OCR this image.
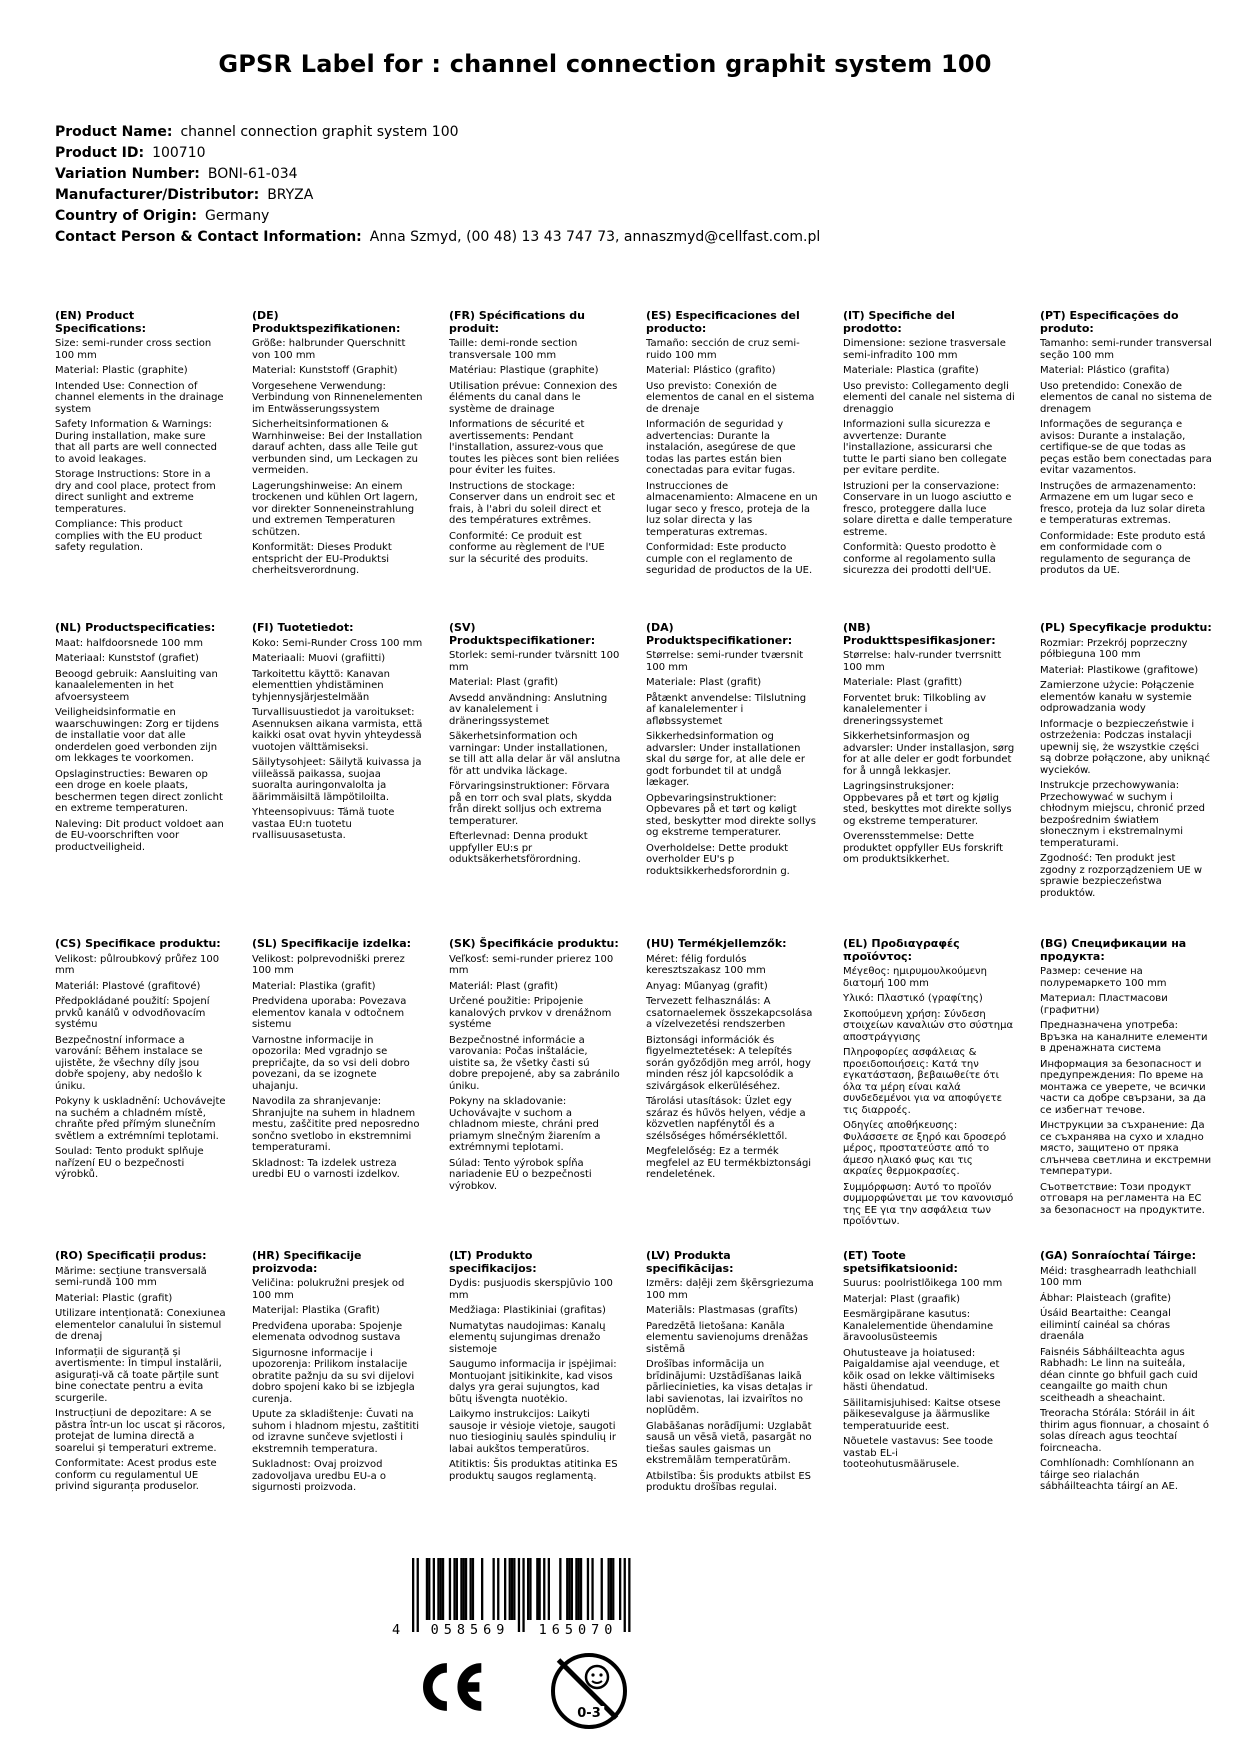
GPSR Label for : channel connection graphit system 100
Product Name: channel connection graphit system 100
Product ID: 100710
Variation Number: BONI-61-034
Manufacturer/Distributor: BRYZA
Country of Origin: Germany
Contact Person & Contact Information: Anna Szmyd, (00 48) 13 43 747 73, annaszmyd@cellfast.com.pl
(EN) Product Specifications:

Size: semi-runder cross section 100 mm

Material: Plastic (graphite)

Intended Use: Connection of channel elements in the drainage system

Safety Information & Warnings: During installation, make sure that all parts are well connected to avoid leakages.

Storage Instructions: Store in a dry and cool place, protect from direct sunlight and extreme temperatures.

Compliance: This product complies with the EU product safety regulation.

(DE) Produktspezifikationen:

Größe: halbrunder Querschnitt von 100 mm

Material: Kunststoff (Graphit)

Vorgesehene Verwendung: Verbindung von Rinnenelementen im Entwässerungssystem

Sicherheitsinformationen & Warnhinweise: Bei der Installation darauf achten, dass alle Teile gut verbunden sind, um Leckagen zu vermeiden.

Lagerungshinweise: An einem trockenen und kühlen Ort lagern, vor direkter Sonneneinstrahlung und extremen Temperaturen schützen.

Konformität: Dieses Produkt entspricht der EU-Produktsi cherheitsverordnung.

(FR) Spécifications du produit:

Taille: demi-ronde section transversale 100 mm

Matériau: Plastique (graphite)

Utilisation prévue: Connexion des éléments du canal dans le système de drainage

Informations de sécurité et avertissements: Pendant l'installation, assurez-vous que toutes les pièces sont bien reliées pour éviter les fuites.

Instructions de stockage: Conserver dans un endroit sec et frais, à l'abri du soleil direct et des températures extrêmes.

Conformité: Ce produit est conforme au règlement de l'UE sur la sécurité des produits.

(ES) Especificaciones del producto:

Tamaño: sección de cruz semi-ruido 100 mm

Material: Plástico (grafito)

Uso previsto: Conexión de elementos de canal en el sistema de drenaje

Información de seguridad y advertencias: Durante la instalación, asegúrese de que todas las partes están bien conectadas para evitar fugas.

Instrucciones de almacenamiento: Almacene en un lugar seco y fresco, proteja de la luz solar directa y las temperaturas extremas.

Conformidad: Este producto cumple con el reglamento de seguridad de productos de la UE.

(IT) Specifiche del prodotto:

Dimensione: sezione trasversale semi-infradito 100 mm

Materiale: Plastica (grafite)

Uso previsto: Collegamento degli elementi del canale nel sistema di drenaggio

Informazioni sulla sicurezza e avvertenze: Durante l'installazione, assicurarsi che tutte le parti siano ben collegate per evitare perdite.

Istruzioni per la conservazione: Conservare in un luogo asciutto e fresco, proteggere dalla luce solare diretta e dalle temperature estreme.

Conformità: Questo prodotto è conforme al regolamento sulla sicurezza dei prodotti dell'UE.

(PT) Especificações do produto:

Tamanho: semi-runder transversal seção 100 mm

Material: Plástico (grafita)

Uso pretendido: Conexão de elementos de canal no sistema de drenagem

Informações de segurança e avisos: Durante a instalação, certifique-se de que todas as peças estão bem conectadas para evitar vazamentos.

Instruções de armazenamento: Armazene em um lugar seco e fresco, proteja da luz solar direta e temperaturas extremas.

Conformidade: Este produto está em conformidade com o regulamento de segurança de produtos da UE.

(NL) Productspecificaties:

Maat: halfdoorsnede 100 mm

Materiaal: Kunststof (grafiet)

Beoogd gebruik: Aansluiting van kanaalelementen in het afvoersysteem

Veiligheidsinformatie en waarschuwingen: Zorg er tijdens de installatie voor dat alle onderdelen goed verbonden zijn om lekkages te voorkomen.

Opslaginstructies: Bewaren op een droge en koele plaats, beschermen tegen direct zonlicht en extreme temperaturen.

Naleving: Dit product voldoet aan de EU-voorschriften voor productveiligheid.

(FI) Tuotetiedot:

Koko: Semi-Runder Cross 100 mm

Materiaali: Muovi (grafiitti)

Tarkoitettu käyttö: Kanavan elementtien yhdistäminen tyhjennysjärjestelmään

Turvallisuustiedot ja varoitukset: Asennuksen aikana varmista, että kaikki osat ovat hyvin yhteydessä vuotojen välttämiseksi.

Säilytysohjeet: Säilytä kuivassa ja viileässä paikassa, suojaa suoralta auringonvalolta ja äärimmäisiltä lämpötiloilta.

Yhteensopivuus: Tämä tuote vastaa EU:n tuotetu rvallisuusasetusta.

(SV) Produktspecifikationer:

Storlek: semi-runder tvärsnitt 100 mm

Material: Plast (grafit)

Avsedd användning: Anslutning av kanalelement i dräneringssystemet

Säkerhetsinformation och varningar: Under installationen, se till att alla delar är väl anslutna för att undvika läckage.

Förvaringsinstruktioner: Förvara på en torr och sval plats, skydda från direkt solljus och extrema temperaturer.

Efterlevnad: Denna produkt uppfyller EU:s pr oduktsäkerhetsförordning.

(DA) Produktspecifikationer:

Størrelse: semi-runder tværsnit 100 mm

Materiale: Plast (grafit)

Påtænkt anvendelse: Tilslutning af kanalelementer i afløbssystemet

Sikkerhedsinformation og advarsler: Under installationen skal du sørge for, at alle dele er godt forbundet til at undgå lækager.

Opbevaringsinstruktioner: Opbevares på et tørt og køligt sted, beskytter mod direkte sollys og ekstreme temperaturer.

Overholdelse: Dette produkt overholder EU's p roduktsikkerhedsforordnin g.

(NB) Produkttspesifikasjoner:

Størrelse: halv-runder tverrsnitt 100 mm

Materiale: Plast (grafitt)

Forventet bruk: Tilkobling av kanalelementer i dreneringssystemet

Sikkerhetsinformasjon og advarsler: Under installasjon, sørg for at alle deler er godt forbundet for å unngå lekkasjer.

Lagringsinstruksjoner: Oppbevares på et tørt og kjølig sted, beskyttes mot direkte sollys og ekstreme temperaturer.

Overensstemmelse: Dette produktet oppfyller EUs forskrift om produktsikkerhet.

(PL) Specyfikacje produktu:

Rozmiar: Przekrój poprzeczny półbieguna 100 mm

Materiał: Plastikowe (grafitowe)

Zamierzone użycie: Połączenie elementów kanału w systemie odprowadzania wody

Informacje o bezpieczeństwie i ostrzeżenia: Podczas instalacji upewnij się, że wszystkie części są dobrze połączone, aby uniknąć wycieków.

Instrukcje przechowywania: Przechowywać w suchym i chłodnym miejscu, chronić przed bezpośrednim światłem słonecznym i ekstremalnymi temperaturami.

Zgodność: Ten produkt jest zgodny z rozporządzeniem UE w sprawie bezpieczeństwa produktów.

(CS) Specifikace produktu:

Velikost: půlroubkový průřez 100 mm

Materiál: Plastové (grafitové)

Předpokládané použití: Spojení prvků kanálů v odvodňovacím systému

Bezpečnostní informace a varování: Během instalace se ujistěte, že všechny díly jsou dobře spojeny, aby nedošlo k úniku.

Pokyny k uskladnění: Uchovávejte na suchém a chladném místě, chraňte před přímým slunečním světlem a extrémními teplotami.

Soulad: Tento produkt splňuje nařízení EU o bezpečnosti výrobků.

(SL) Specifikacije izdelka:

Velikost: polprevodniški prerez 100 mm

Material: Plastika (grafit)

Predvidena uporaba: Povezava elementov kanala v odtočnem sistemu

Varnostne informacije in opozorila: Med vgradnjo se prepričajte, da so vsi deli dobro povezani, da se izognete uhajanju.

Navodila za shranjevanje: Shranjujte na suhem in hladnem mestu, zaščitite pred neposredno sončno svetlobo in ekstremnimi temperaturami.

Skladnost: Ta izdelek ustreza uredbi EU o varnosti izdelkov.

(SK) Špecifikácie produktu:

Veľkosť: semi-runder prierez 100 mm

Materiál: Plast (grafit)

Určené použitie: Pripojenie kanalových prvkov v drenážnom systéme

Bezpečnostné informácie a varovania: Počas inštalácie, uistite sa, že všetky časti sú dobre prepojené, aby sa zabránilo úniku.

Pokyny na skladovanie: Uchovávajte v suchom a chladnom mieste, chráni pred priamym slnečným žiarením a extrémnymi teplotami.

Súlad: Tento výrobok spĺňa nariadenie EÚ o bezpečnosti výrobkov.

(HU) Termékjellemzők:

Méret: félig fordulós keresztszakasz 100 mm

Anyag: Műanyag (grafit)

Tervezett felhasználás: A csatornaelemek összekapcsolása a vízelvezetési rendszerben

Biztonsági információk és figyelmeztetések: A telepítés során győződjön meg arról, hogy minden rész jól kapcsolódik a szivárgások elkerüléséhez.

Tárolási utasítások: Üzlet egy száraz és hűvös helyen, védje a közvetlen napfénytől és a szélsőséges hőmérséklettől.

Megfelelőség: Ez a termék megfelel az EU termékbiztonsági rendeletének.

(EL) Προδιαγραφές προϊόντος:

Μέγεθος: ημιρυμουλκούμενη διατομή 100 mm

Υλικό: Πλαστικό (γραφίτης)

Σκοπούμενη χρήση: Σύνδεση στοιχείων καναλιών στο σύστημα αποστράγγισης

Πληροφορίες ασφάλειας & προειδοποιήσεις: Κατά την εγκατάσταση, βεβαιωθείτε ότι όλα τα μέρη είναι καλά συνδεδεμένοι για να αποφύγετε τις διαρροές.

Οδηγίες αποθήκευσης: Φυλάσσετε σε ξηρό και δροσερό μέρος, προστατεύστε από το άμεσο ηλιακό φως και τις ακραίες θερμοκρασίες.

Συμμόρφωση: Αυτό το προϊόν συμμορφώνεται με τον κανονισμό της ΕΕ για την ασφάλεια των προϊόντων.

(BG) Спецификации на продукта:

Размер: сечение на полуремаркето 100 mm

Материал: Пластмасови (графитни)

Предназначена употреба: Връзка на каналните елементи в дренажната система

Информация за безопасност и предупреждения: По време на монтажа се уверете, че всички части са добре свързани, за да се избегнат течове.

Инструкции за съхранение: Да се съхранява на сухо и хладно място, защитено от пряка слънчева светлина и екстремни температури.

Съответствие: Този продукт отговаря на регламента на ЕС за безопасност на продуктите.

(RO) Specificații produs:

Mărime: secțiune transversală semi-rundă 100 mm

Material: Plastic (grafit)

Utilizare intenționată: Conexiunea elementelor canalului în sistemul de drenaj

Informații de siguranță și avertismente: În timpul instalării, asigurați-vă că toate părțile sunt bine conectate pentru a evita scurgerile.

Instrucțiuni de depozitare: A se păstra într-un loc uscat și răcoros, protejat de lumina directă a soarelui și temperaturi extreme.

Conformitate: Acest produs este conform cu regulamentul UE privind siguranța produselor.

(HR) Specifikacije proizvoda:

Veličina: polukružni presjek od 100 mm

Materijal: Plastika (Grafit)

Predviđena uporaba: Spojenje elemenata odvodnog sustava

Sigurnosne informacije i upozorenja: Prilikom instalacije obratite pažnju da su svi dijelovi dobro spojeni kako bi se izbjegla curenja.

Upute za skladištenje: Čuvati na suhom i hladnom mjestu, zaštititi od izravne sunčeve svjetlosti i ekstremnih temperatura.

Sukladnost: Ovaj proizvod zadovoljava uredbu EU-a o sigurnosti proizvoda.

(LT) Produkto specifikacijos:

Dydis: pusjuodis skerspjūvio 100 mm

Medžiaga: Plastikiniai (grafitas)

Numatytas naudojimas: Kanalų elementų sujungimas drenažo sistemoje

Saugumo informacija ir įspėjimai: Montuojant įsitikinkite, kad visos dalys yra gerai sujungtos, kad būtų išvengta nuotėkio.

Laikymo instrukcijos: Laikyti sausoje ir vėsioje vietoje, saugoti nuo tiesioginių saulės spindulių ir labai aukštos temperatūros.

Atitiktis: Šis produktas atitinka ES produktų saugos reglamentą.

(LV) Produkta specifikācijas:

Izmērs: daļēji zem šķērsgriezuma 100 mm

Materiāls: Plastmasas (grafīts)

Paredzētā lietošana: Kanāla elementu savienojums drenāžas sistēmā

Drošības informācija un brīdinājumi: Uzstādīšanas laikā pārliecinieties, ka visas detaļas ir labi savienotas, lai izvairītos no noplūdēm.

Glabāšanas norādījumi: Uzglabāt sausā un vēsā vietā, pasargāt no tiešas saules gaismas un ekstremālām temperatūrām.

Atbilstība: Šis produkts atbilst ES produktu drošības regulai.

(ET) Toote spetsifikatsioonid:

Suurus: poolristlõikega 100 mm

Materjal: Plast (graafik)

Eesmärgipärane kasutus: Kanalelementide ühendamine äravoolusüsteemis

Ohutusteave ja hoiatused: Paigaldamise ajal veenduge, et kõik osad on lekke vältimiseks hästi ühendatud.

Säilitamisjuhised: Kaitse otsese päikesevalguse ja äärmuslike temperatuuride eest.

Nõuetele vastavus: See toode vastab EL-i tooteohutusmäärusele.

(GA) Sonraíochtaí Táirge:

Méid: trasghearradh leathchiall 100 mm

Ábhar: Plaisteach (grafite)

Úsáid Beartaithe: Ceangal eilimintí cainéal sa chóras draenála

Faisnéis Sábháilteachta agus Rabhadh: Le linn na suiteála, déan cinnte go bhfuil gach cuid ceangailte go maith chun sceitheadh a sheachaint.

Treoracha Stórála: Stóráil in áit thirim agus fionnuar, a chosaint ó solas díreach agus teochtaí foircneacha.

Comhlíonadh: Comhlíonann an táirge seo rialachán sábháilteachta táirgí an AE.

4	058569	165070
0-3
